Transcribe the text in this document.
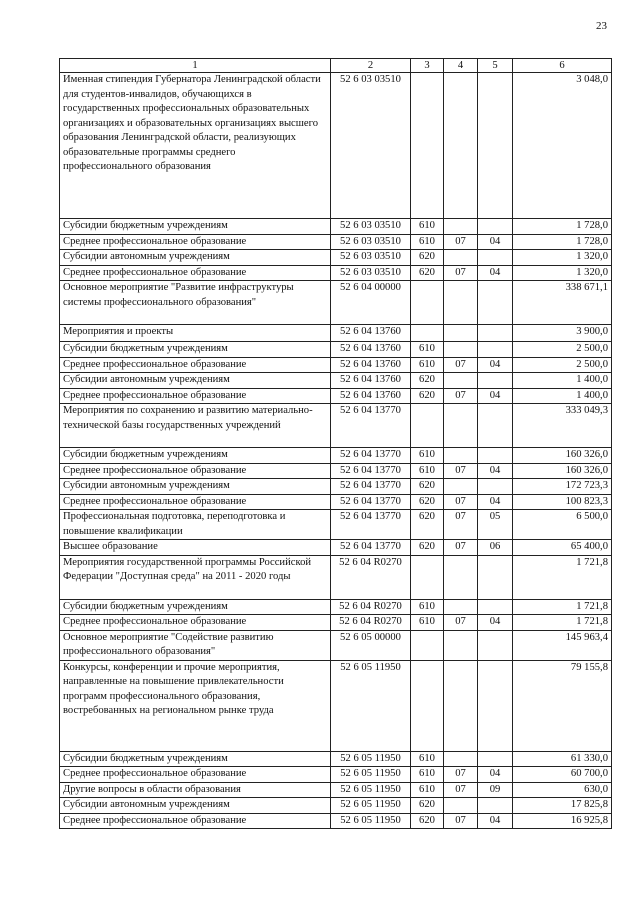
23
1	2	3	4	5	6
Именная стипендия Губернатора Ленинградской области для студентов-инвалидов, обучающихся в государственных профессиональных образовательных организациях и образовательных организациях высшего образования Ленинградской области, реализующих образовательные программы среднего профессионального образования	52 6 03 03510				3 048,0
Субсидии бюджетным учреждениям	52 6 03 03510	610			1 728,0
Среднее профессиональное образование	52 6 03 03510	610	07	04	1 728,0
Субсидии автономным учреждениям	52 6 03 03510	620			1 320,0
Среднее профессиональное образование	52 6 03 03510	620	07	04	1 320,0
Основное мероприятие "Развитие инфраструктуры системы профессионального образования"	52 6 04 00000				338 671,1
Мероприятия и проекты	52 6 04 13760				3 900,0
Субсидии бюджетным учреждениям	52 6 04 13760	610			2 500,0
Среднее профессиональное образование	52 6 04 13760	610	07	04	2 500,0
Субсидии автономным учреждениям	52 6 04 13760	620			1 400,0
Среднее профессиональное образование	52 6 04 13760	620	07	04	1 400,0
Мероприятия по сохранению и развитию материально-технической базы государственных учреждений	52 6 04 13770				333 049,3
Субсидии бюджетным учреждениям	52 6 04 13770	610			160 326,0
Среднее профессиональное образование	52 6 04 13770	610	07	04	160 326,0
Субсидии автономным учреждениям	52 6 04 13770	620			172 723,3
Среднее профессиональное образование	52 6 04 13770	620	07	04	100 823,3
Профессиональная подготовка, переподготовка и повышение квалификации	52 6 04 13770	620	07	05	6 500,0
Высшее образование	52 6 04 13770	620	07	06	65 400,0
Мероприятия государственной программы Российской Федерации "Доступная среда" на 2011 - 2020 годы	52 6 04 R0270				1 721,8
Субсидии бюджетным учреждениям	52 6 04 R0270	610			1 721,8
Среднее профессиональное образование	52 6 04 R0270	610	07	04	1 721,8
Основное мероприятие "Содействие развитию профессионального образования"	52 6 05 00000				145 963,4
Конкурсы, конференции и прочие мероприятия, направленные на повышение привлекательности программ профессионального образования, востребованных на региональном рынке труда	52 6 05 11950				79 155,8
Субсидии бюджетным учреждениям	52 6 05 11950	610			61 330,0
Среднее профессиональное образование	52 6 05 11950	610	07	04	60 700,0
Другие вопросы в области образования	52 6 05 11950	610	07	09	630,0
Субсидии автономным учреждениям	52 6 05 11950	620			17 825,8
Среднее профессиональное образование	52 6 05 11950	620	07	04	16 925,8
